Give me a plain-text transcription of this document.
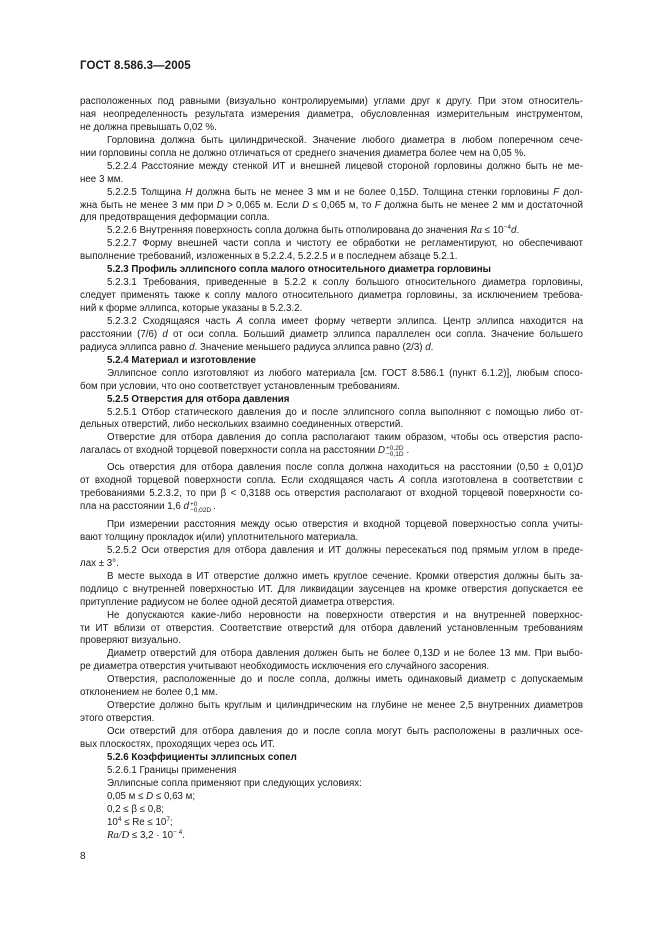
ГОСТ 8.586.3—2005
расположенных под равными (визуально контролируемыми) углами друг к другу. При этом относитель-
ная неопределенность результата измерения диаметра, обусловленная измерительным инструментом,
не должна превышать 0,02 %.
Горловина должна быть цилиндрической. Значение любого диаметра в любом поперечном сече-
нии горловины сопла не должно отличаться от среднего значения диаметра более чем на 0,05 %.
5.2.2.4 Расстояние между стенкой ИТ и внешней лицевой стороной горловины должно быть не ме-
нее 3 мм.
5.2.2.5 Толщина H должна быть не менее 3 мм и не более 0,15D. Толщина стенки горловины F дол-
жна быть не менее 3 мм при D > 0,065 м. Если D ≤ 0,065 м, то F должна быть не менее 2 мм и достаточной
для предотвращения деформации сопла.
5.2.2.6 Внутренняя поверхность сопла должна быть отполирована до значения $Ra \le 10^{-4}d$.
5.2.2.7 Форму внешней части сопла и чистоту ее обработки не регламентируют, но обеспечивают
выполнение требований, изложенных в 5.2.2.4, 5.2.2.5 и в последнем абзаце 5.2.1.
5.2.3 Профиль эллипсного сопла малого относительного диаметра горловины
5.2.3.1 Требования, приведенные в 5.2.2 к соплу большого относительного диаметра горловины,
следует применять также к соплу малого относительного диаметра горловины, за исключением требова-
ний к форме эллипса, которые указаны в 5.2.3.2.
5.2.3.2 Сходящаяся часть A сопла имеет форму четверти эллипса. Центр эллипса находится на
расстоянии (7/6) d от оси сопла. Больший диаметр эллипса параллелен оси сопла. Значение большего
радиуса эллипса равно d. Значение меньшего радиуса эллипса равно (2/3) d.
5.2.4 Материал и изготовление
Эллипсное сопло изготовляют из любого материала [см. ГОСТ 8.586.1 (пункт 6.1.2)], любым спосо-
бом при условии, что оно соответствует установленным требованиям.
5.2.5 Отверстия для отбора давления
5.2.5.1 Отбор статического давления до и после эллипсного сопла выполняют с помощью либо от-
дельных отверстий, либо нескольких взаимно соединенных отверстий.
Отверстие для отбора давления до сопла располагают таким образом, чтобы ось отверстия распо-
лагалась от входной торцевой поверхности сопла на расстоянии D +0,2D
−0,1D .
Ось отверстия для отбора давления после сопла должна находиться на расстоянии (0,50 ± 0,01)D
от входной торцевой поверхности сопла. Если сходящаяся часть A сопла изготовлена в соответствии с
требованиями 5.2.3.2, то при β < 0,3188 ось отверстия располагают от входной торцевой поверхности со-
пла на расстоянии 1,6 d +0
−0,02D .
При измерении расстояния между осью отверстия и входной торцевой поверхностью сопла учиты-
вают толщину прокладок и(или) уплотнительного материала.
5.2.5.2 Оси отверстия для отбора давления и ИТ должны пересекаться под прямым углом в преде-
лах ± 3°.
В месте выхода в ИТ отверстие должно иметь круглое сечение. Кромки отверстия должны быть за-
подлицо с внутренней поверхностью ИТ. Для ликвидации заусенцев на кромке отверстия допускается ее
притупление радиусом не более одной десятой диаметра отверстия.
Не допускаются какие-либо неровности на поверхности отверстия и на внутренней поверхнос-
ти ИТ вблизи от отверстия. Соответствие отверстий для отбора давлений установленным требованиям
проверяют визуально.
Диаметр отверстий для отбора давления должен быть не более 0,13D и не более 13 мм. При выбо-
ре диаметра отверстия учитывают необходимость исключения его случайного засорения.
Отверстия, расположенные до и после сопла, должны иметь одинаковый диаметр с допускаемым
отклонением не более 0,1 мм.
Отверстие должно быть круглым и цилиндрическим на глубине не менее 2,5 внутренних диаметров
этого отверстия.
Оси отверстий для отбора давления до и после сопла могут быть расположены в различных осе-
вых плоскостях, проходящих через ось ИТ.
5.2.6 Коэффициенты эллипсных сопел
5.2.6.1 Границы применения
Эллипсные сопла применяют при следующих условиях:
0,05 м ≤ D ≤ 0,63 м;
0,2 ≤ β ≤ 0,8;
$10^4 \le Re \le 10^7$;
$Ra/D \le 3,2 \cdot 10^{- 4}$.
8
